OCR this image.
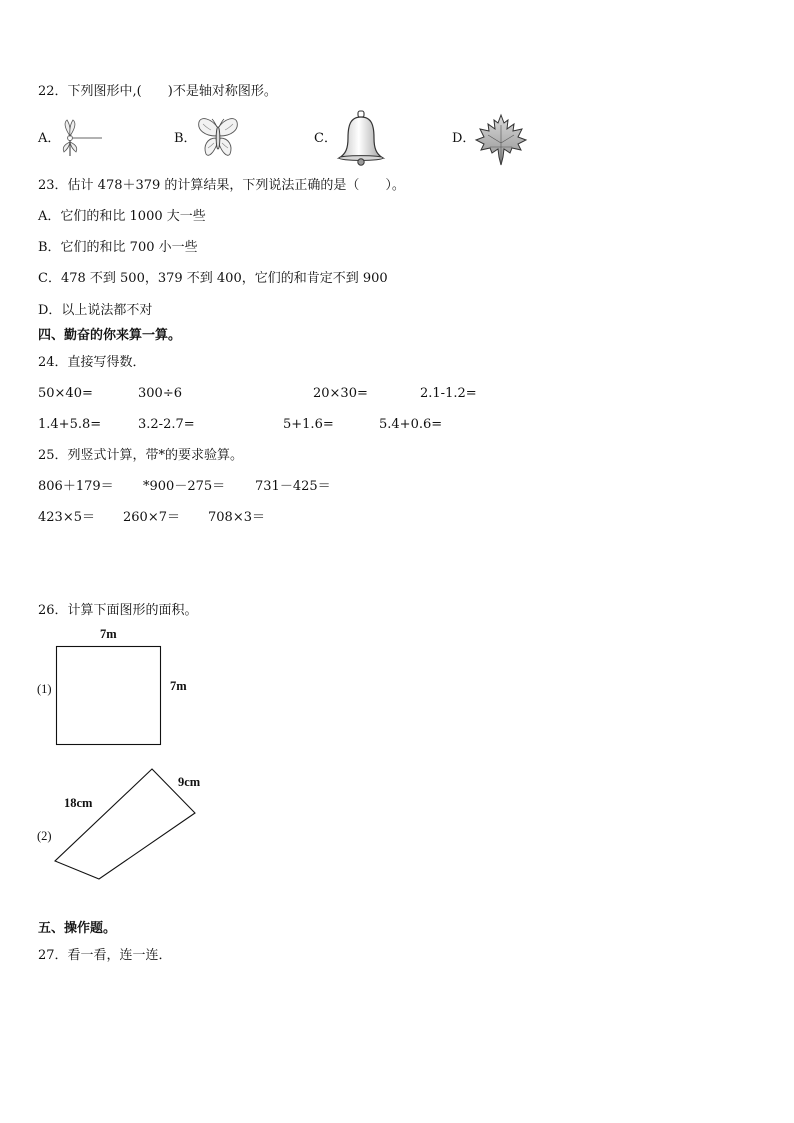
22．下列图形中,(　　)不是轴对称图形。
A．	B．	C．	D．
23．估计 478＋379 的计算结果，下列说法正确的是（　　）。
A．它们的和比 1000 大一些
B．它们的和比 700 小一些
C．478 不到 500，379 不到 400，它们的和肯定不到 900
D．以上说法都不对
四、勤奋的你来算一算。
24．直接写得数．
50×40=	300÷6	20×30=	2.1-1.2=
1.4+5.8=	3.2-2.7=	5+1.6=	5.4+0.6=
25．列竖式计算，带*的要求验算。
806＋179＝ *900－275＝ 731－425＝
423×5＝ 260×7＝ 708×3＝
26．计算下面图形的面积。
7m
(1)	7m
9cm
18cm
(2)
五、操作题。
27．看一看，连一连．
